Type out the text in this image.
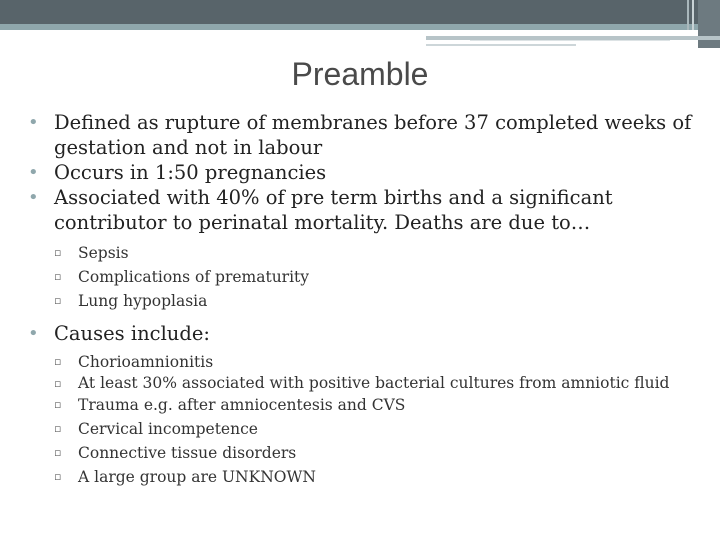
Preamble
• Defined as rupture of membranes before 37 completed weeks of gestation and not in labour
• Occurs in 1:50 pregnancies
• Associated with 40% of pre term births and a significant contributor to perinatal mortality. Deaths are due to…
▫ Sepsis
▫ Complications of prematurity
▫ Lung hypoplasia
• Causes include:
▫ Chorioamnionitis
▫ At least 30% associated with positive bacterial cultures from amniotic fluid
▫ Trauma e.g. after amniocentesis and CVS
▫ Cervical incompetence
▫ Connective tissue disorders
▫ A large group are UNKNOWN
